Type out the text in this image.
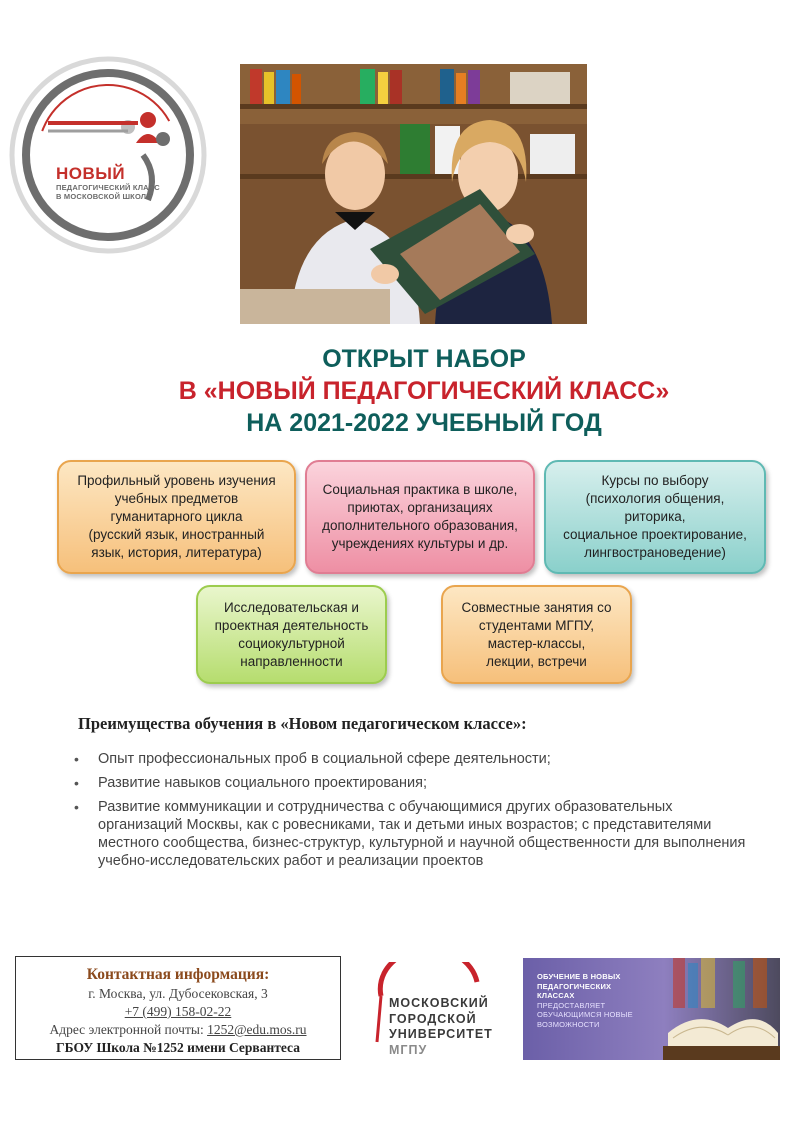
НОВЫЙ
ПЕДАГОГИЧЕСКИЙ КЛАСС
В МОСКОВСКОЙ ШКОЛЕ
ОТКРЫТ НАБОР
В «НОВЫЙ ПЕДАГОГИЧЕСКИЙ КЛАСС»
НА 2021-2022 УЧЕБНЫЙ ГОД
Профильный уровень изучения
учебных предметов
гуманитарного цикла
(русский язык, иностранный
язык, история, литература)
Социальная практика в школе,
приютах, организациях
дополнительного образования,
учреждениях культуры и др.
Курсы по выбору
(психология общения,
риторика,
социальное проектирование,
лингвострановедение)
Исследовательская и
проектная деятельность
социокультурной
направленности
Совместные занятия со
студентами МГПУ,
мастер-классы,
лекции, встречи
Преимущества обучения в «Новом педагогическом классе»:
• Опыт профессиональных проб в социальной сфере деятельности;
• Развитие навыков социального проектирования;
• Развитие коммуникации и сотрудничества с обучающимися других образовательных организаций Москвы, как с ровесниками, так и детьми иных возрастов; с представителями местного сообщества, бизнес-структур, культурной и научной общественности для выполнения учебно-исследовательских работ и реализации проектов
Контактная информация:
г. Москва, ул. Дубосековская, 3
+7 (499) 158-02-22
Адрес электронной почты: 1252@edu.mos.ru
ГБОУ Школа №1252 имени Сервантеса
МОСКОВСКИЙ
ГОРОДСКОЙ
УНИВЕРСИТЕТ
МГПУ
ОБУЧЕНИЕ В НОВЫХ
ПЕДАГОГИЧЕСКИХ
КЛАССАХ
ПРЕДОСТАВЛЯЕТ
ОБУЧАЮЩИМСЯ НОВЫЕ
ВОЗМОЖНОСТИ
